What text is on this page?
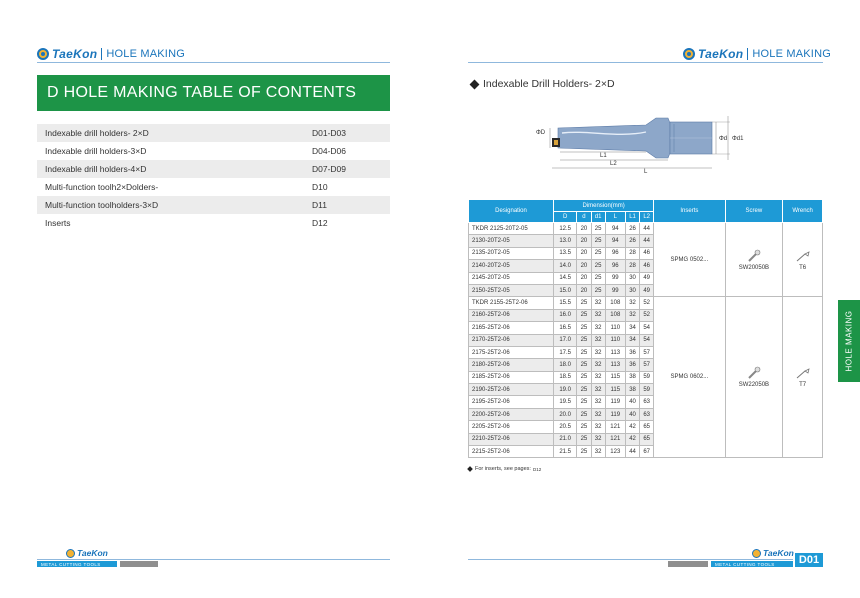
TaeKon HOLE MAKING
D HOLE MAKING TABLE OF CONTENTS
Indexable drill holders- 2×D	D01-D03
Indexable drill holders-3×D	D04-D06
Indexable drill holders-4×D	D07-D09
Multi-function toolh2×Dolders-	D10
Multi-function toolholders-3×D	D11
Inserts	D12
TaeKon
METAL CUTTING TOOLS
TaeKon HOLE MAKING
Indexable Drill Holders- 2×D
ΦD
L1
L2
L
Φd Φd1
Designation	Dimension(mm)						Inserts	Screw	Wrench
	D	d	d1	L	L1	L2			
TKDR 2125-20T2-05	12.5	20	25	94	26	44	SPMG 0502...	SW20050B	T6
2130-20T2-05	13.0	20	25	94	26	44			
2135-20T2-05	13.5	20	25	96	28	46			
2140-20T2-05	14.0	20	25	96	28	46			
2145-20T2-05	14.5	20	25	99	30	49			
2150-25T2-05	15.0	20	25	99	30	49			
TKDR 2155-25T2-06	15.5	25	32	108	32	52	SPMG 0602...	SW22050B	T7
2160-25T2-06	16.0	25	32	108	32	52			
2165-25T2-06	16.5	25	32	110	34	54			
2170-25T2-06	17.0	25	32	110	34	54			
2175-25T2-06	17.5	25	32	113	36	57			
2180-25T2-06	18.0	25	32	113	36	57			
2185-25T2-06	18.5	25	32	115	38	59			
2190-25T2-06	19.0	25	32	115	38	59			
2195-25T2-06	19.5	25	32	119	40	63			
2200-25T2-06	20.0	25	32	119	40	63			
2205-25T2-06	20.5	25	32	121	42	65			
2210-25T2-06	21.0	25	32	121	42	65			
2215-25T2-06	21.5	25	32	123	44	67			
For inserts, see pages: D12
TaeKon
METAL CUTTING TOOLS	D01
HOLE MAKING
